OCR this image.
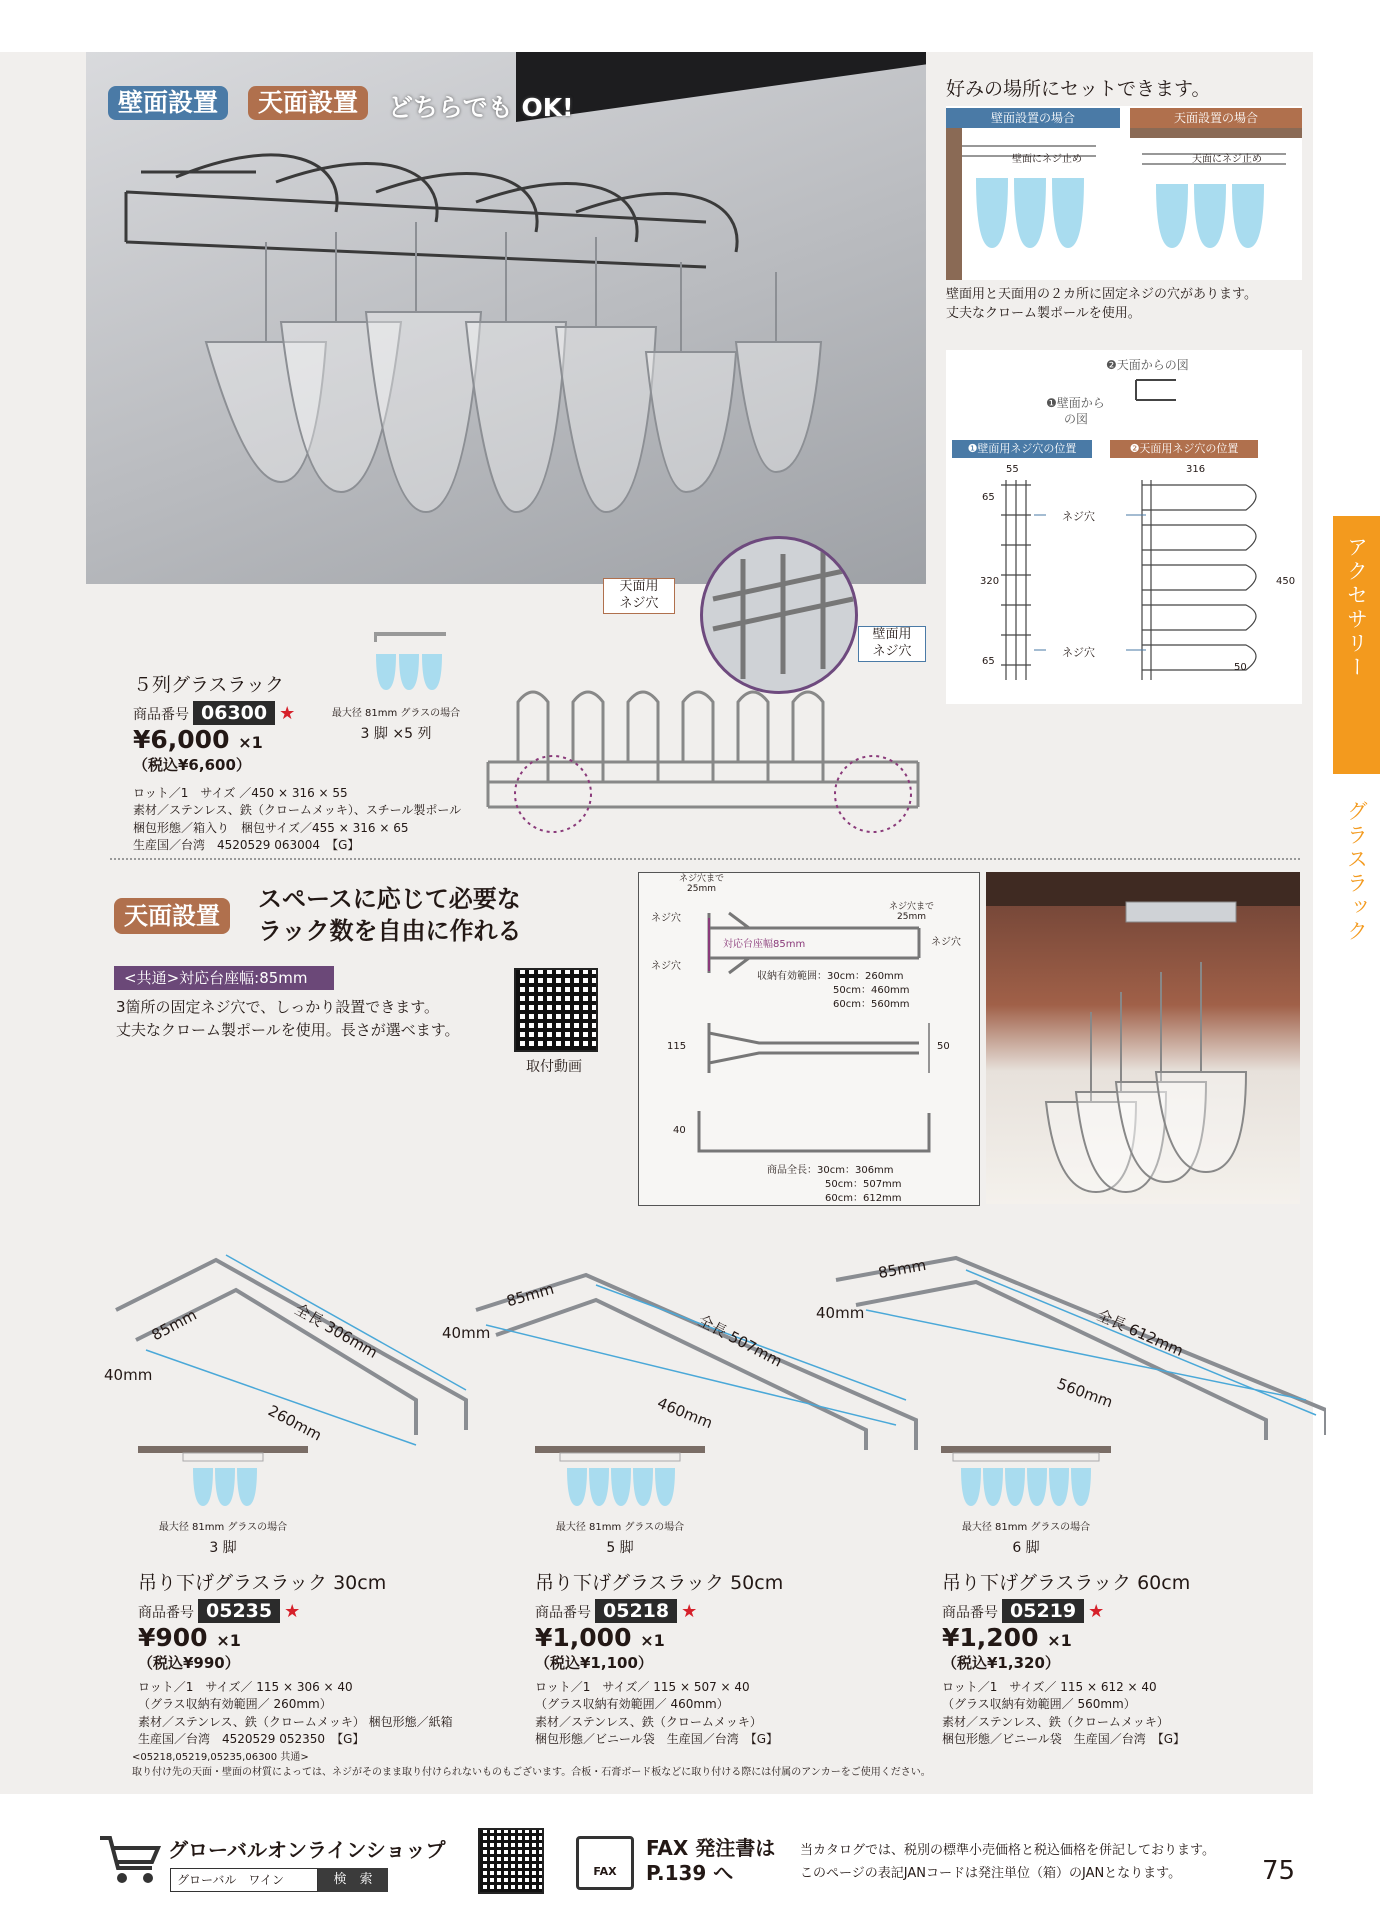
壁面設置	天面設置	どちらでも OK!
天面用
ネジ穴
壁面用
ネジ穴
好みの場所にセットできます。
壁面設置の場合	天面設置の場合
壁面にネジ止め	天面にネジ止め
壁面用と天面用の２カ所に固定ネジの穴があります。
丈夫なクローム製ポールを使用。
❷天面からの図
❶壁面から
の図
❶壁面用ネジ穴の位置	❷天面用ネジ穴の位置
55	316
65
320
65
450
50
ネジ穴
ネジ穴
５列グラスラック
商品番号 06300 ★
¥6,000 ×1
（税込¥6,600）
ロット／1　サイズ ／450 × 316 × 55
素材／ステンレス、鉄（クロームメッキ）、スチール製ポール
梱包形態／箱入り　梱包サイズ／455 × 316 × 65
生産国／台湾　4520529 063004　【G】
最大径 81mm グラスの場合
3 脚 ×5 列
天面設置
スペースに応じて必要な
ラック数を自由に作れる
<共通>対応台座幅:85mm
3箇所の固定ネジ穴で、しっかり設置できます。
丈夫なクローム製ポールを使用。長さが選べます。
取付動画
ネジ穴まで
25mm
ネジ穴まで
25mm
ネジ穴
ネジ穴
ネジ穴
対応台座幅85mm
収納有効範囲：30cm：260mm
50cm：460mm
60cm：560mm
115	50
40
商品全長：30cm：306mm
50cm：507mm
60cm：612mm
85mm	全長 306mm
40mm
260mm
85mm
全長 507mm
40mm
460mm
85mm
全長 612mm
40mm
560mm
最大径 81mm グラスの場合
3 脚
最大径 81mm グラスの場合
5 脚
最大径 81mm グラスの場合
6 脚
吊り下げグラスラック 30cm
商品番号 05235 ★
¥900 ×1
（税込¥990）
ロット／1　サイズ／ 115 × 306 × 40
（グラス収納有効範囲／ 260mm）
素材／ステンレス、鉄（クロームメッキ） 梱包形態／紙箱
生産国／台湾　4520529 052350　【G】
吊り下げグラスラック 50cm
商品番号 05218 ★
¥1,000 ×1
（税込¥1,100）
ロット／1　サイズ／ 115 × 507 × 40
（グラス収納有効範囲／ 460mm）
素材／ステンレス、鉄（クロームメッキ）
梱包形態／ビニール袋　生産国／台湾　【G】
吊り下げグラスラック 60cm
商品番号 05219 ★
¥1,200 ×1
（税込¥1,320）
ロット／1　サイズ／ 115 × 612 × 40
（グラス収納有効範囲／ 560mm）
素材／ステンレス、鉄（クロームメッキ）
梱包形態／ビニール袋　生産国／台湾　【G】
<05218,05219,05235,06300 共通>
取り付け先の天面・壁面の材質によっては、ネジがそのまま取り付けられないものもございます。合板・石膏ボード板などに取り付ける際には付属のアンカーをご使用ください。
アクセサリー
グラスラック
グローバルオンラインショップ
グローバル　ワイン	検　索
FAX
FAX 発注書は
P.139 へ
当カタログでは、税別の標準小売価格と税込価格を併記しております。
このページの表記JANコードは発注単位（箱）のJANとなります。	75
